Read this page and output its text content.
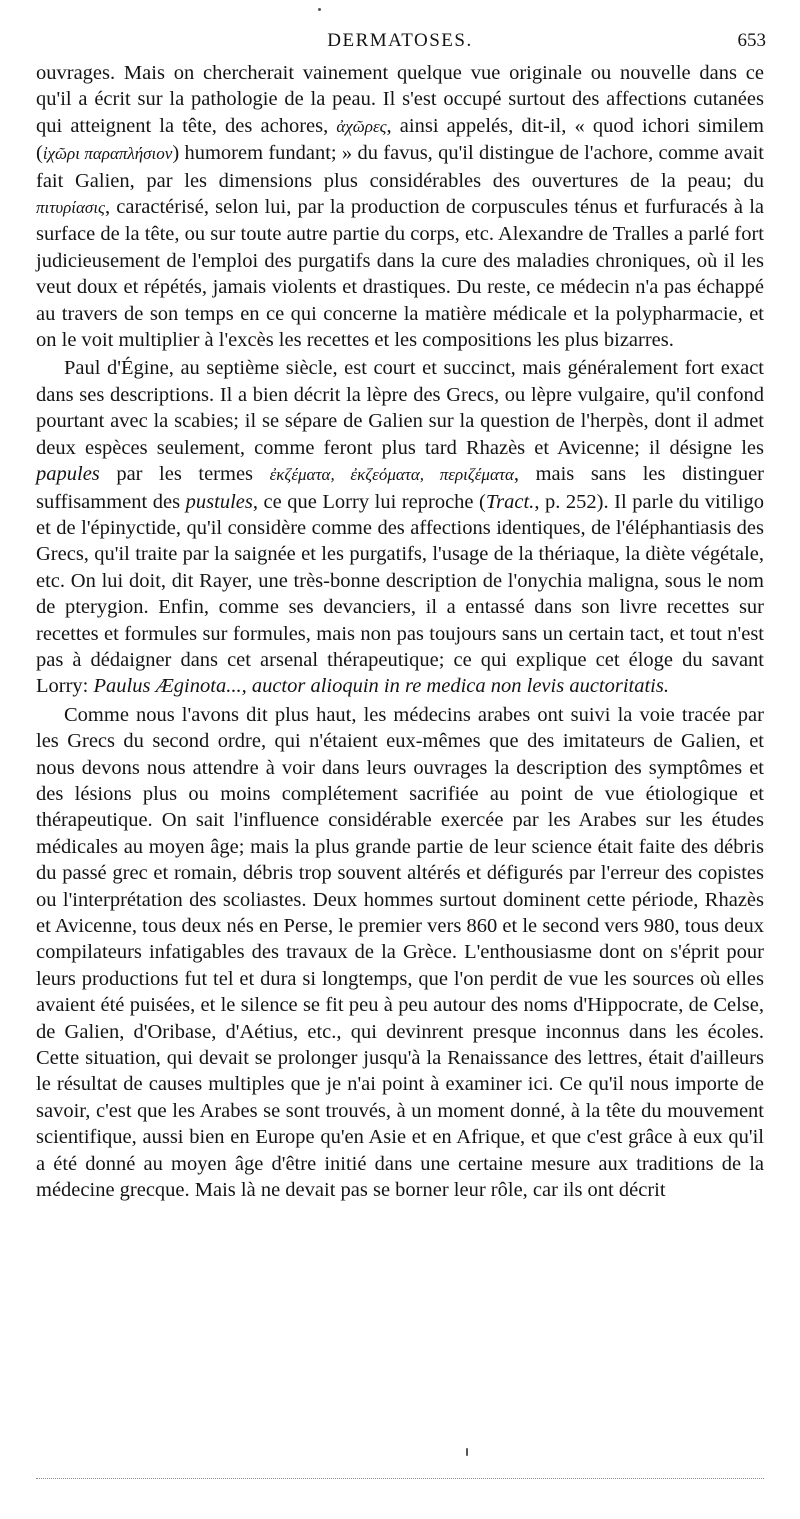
DERMATOSES.	653

ouvrages. Mais on chercherait vainement quelque vue originale ou nouvelle dans ce qu'il a écrit sur la pathologie de la peau. Il s'est occupé surtout des affections cutanées qui atteignent la tête, des achores, ἀχῶρες, ainsi appelés, dit-il, « quod ichori similem (ἰχῶρι παραπλήσιον) humorem fundant; » du favus, qu'il distingue de l'achore, comme avait fait Galien, par les dimensions plus considérables des ouvertures de la peau; du πιτυρίασις, caractérisé, selon lui, par la production de corpuscules ténus et furfuracés à la surface de la tête, ou sur toute autre partie du corps, etc. Alexandre de Tralles a parlé fort judicieusement de l'emploi des purgatifs dans la cure des maladies chroniques, où il les veut doux et répétés, jamais violents et drastiques. Du reste, ce médecin n'a pas échappé au travers de son temps en ce qui concerne la matière médicale et la polypharmacie, et on le voit multiplier à l'excès les recettes et les compositions les plus bizarres.

Paul d'Égine, au septième siècle, est court et succinct, mais généralement fort exact dans ses descriptions. Il a bien décrit la lèpre des Grecs, ou lèpre vulgaire, qu'il confond pourtant avec la scabies; il se sépare de Galien sur la question de l'herpès, dont il admet deux espèces seulement, comme feront plus tard Rhazès et Avicenne; il désigne les papules par les termes ἐκζέματα, ἐκζεόματα, περιζέματα, mais sans les distinguer suffisamment des pustules, ce que Lorry lui reproche (Tract., p. 252). Il parle du vitiligo et de l'épinyctide, qu'il considère comme des affections identiques, de l'éléphantiasis des Grecs, qu'il traite par la saignée et les purgatifs, l'usage de la thériaque, la diète végétale, etc. On lui doit, dit Rayer, une très-bonne description de l'onychia maligna, sous le nom de pterygion. Enfin, comme ses devanciers, il a entassé dans son livre recettes sur recettes et formules sur formules, mais non pas toujours sans un certain tact, et tout n'est pas à dédaigner dans cet arsenal thérapeutique; ce qui explique cet éloge du savant Lorry: Paulus Æginota..., auctor alioquin in re medica non levis auctoritatis.

Comme nous l'avons dit plus haut, les médecins arabes ont suivi la voie tracée par les Grecs du second ordre, qui n'étaient eux-mêmes que des imitateurs de Galien, et nous devons nous attendre à voir dans leurs ouvrages la description des symptômes et des lésions plus ou moins complétement sacrifiée au point de vue étiologique et thérapeutique. On sait l'influence considérable exercée par les Arabes sur les études médicales au moyen âge; mais la plus grande partie de leur science était faite des débris du passé grec et romain, débris trop souvent altérés et défigurés par l'erreur des copistes ou l'interprétation des scoliastes. Deux hommes surtout dominent cette période, Rhazès et Avicenne, tous deux nés en Perse, le premier vers 860 et le second vers 980, tous deux compilateurs infatigables des travaux de la Grèce. L'enthousiasme dont on s'éprit pour leurs productions fut tel et dura si longtemps, que l'on perdit de vue les sources où elles avaient été puisées, et le silence se fit peu à peu autour des noms d'Hippocrate, de Celse, de Galien, d'Oribase, d'Aétius, etc., qui devinrent presque inconnus dans les écoles. Cette situation, qui devait se prolonger jusqu'à la Renaissance des lettres, était d'ailleurs le résultat de causes multiples que je n'ai point à examiner ici. Ce qu'il nous importe de savoir, c'est que les Arabes se sont trouvés, à un moment donné, à la tête du mouvement scientifique, aussi bien en Europe qu'en Asie et en Afrique, et que c'est grâce à eux qu'il a été donné au moyen âge d'être initié dans une certaine mesure aux traditions de la médecine grecque. Mais là ne devait pas se borner leur rôle, car ils ont décrit
